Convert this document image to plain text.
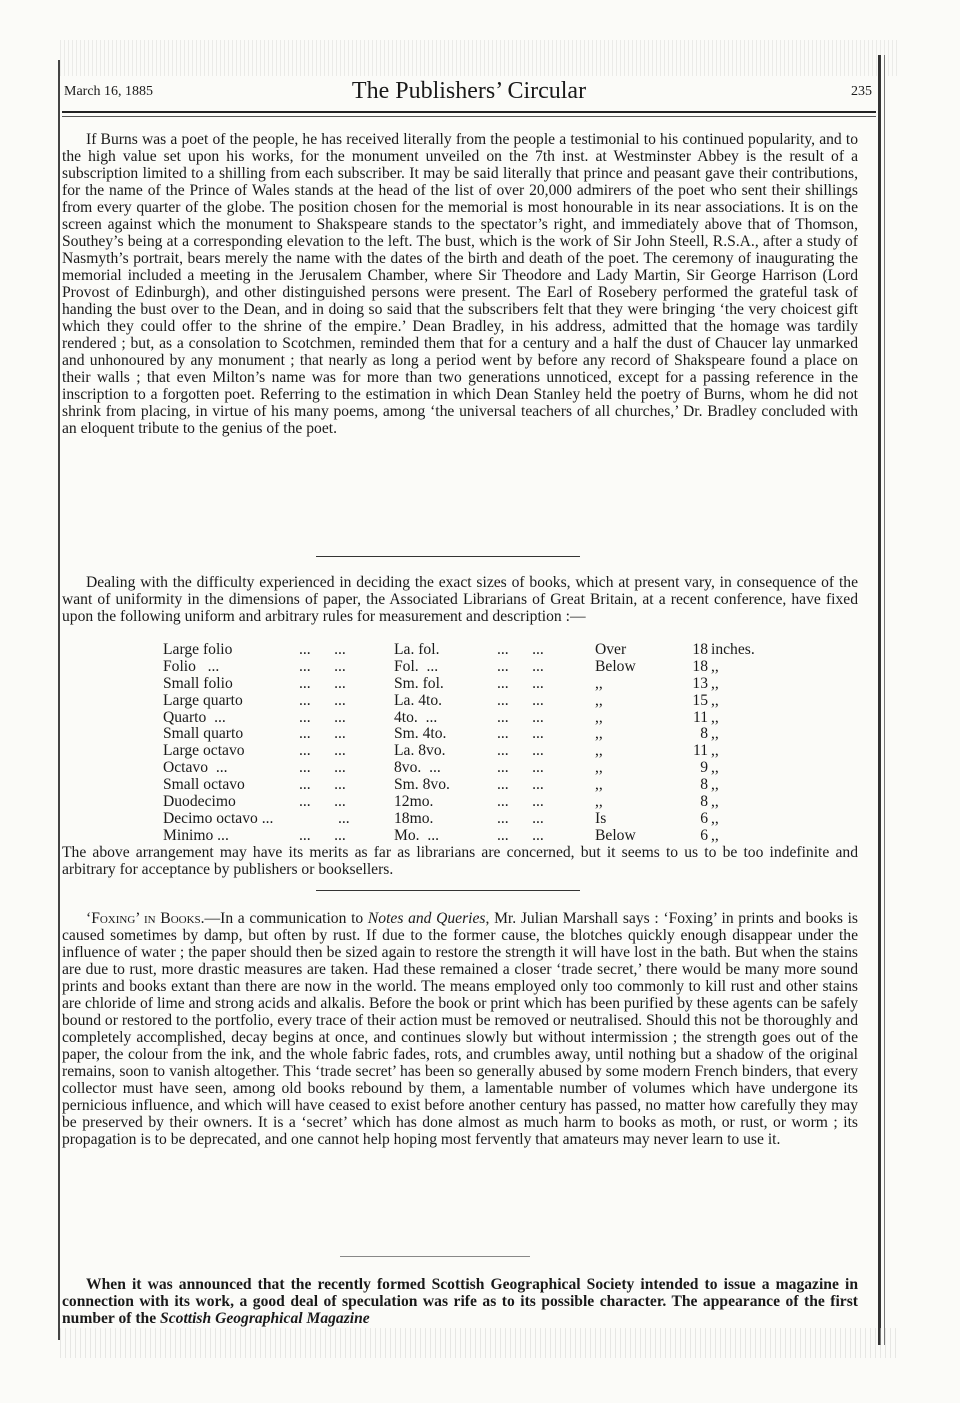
March 16, 1885	The Publishers’ Circular	235

If Burns was a poet of the people, he has received literally from the people a testimonial to his continued popularity, and to the high value set upon his works, for the monument unveiled on the 7th inst. at Westminster Abbey is the result of a subscription limited to a shilling from each subscriber. It may be said literally that prince and peasant gave their contributions, for the name of the Prince of Wales stands at the head of the list of over 20,000 admirers of the poet who sent their shillings from every quarter of the globe. The position chosen for the memorial is most honourable in its near associations. It is on the screen against which the monument to Shakspeare stands to the spectator’s right, and immediately above that of Thomson, Southey’s being at a corresponding elevation to the left. The bust, which is the work of Sir John Steell, R.S.A., after a study of Nasmyth’s portrait, bears merely the name with the dates of the birth and death of the poet. The ceremony of inaugurating the memorial included a meeting in the Jerusalem Chamber, where Sir Theodore and Lady Martin, Sir George Harrison (Lord Provost of Edinburgh), and other distinguished persons were present. The Earl of Rosebery performed the grateful task of handing the bust over to the Dean, and in doing so said that the subscribers felt that they were bringing ‘the very choicest gift which they could offer to the shrine of the empire.’ Dean Bradley, in his address, admitted that the homage was tardily rendered ; but, as a consolation to Scotchmen, reminded them that for a century and a half the dust of Chaucer lay unmarked and unhonoured by any monument ; that nearly as long a period went by before any record of Shakspeare found a place on their walls ; that even Milton’s name was for more than two generations unnoticed, except for a passing reference in the inscription to a forgotten poet. Referring to the estimation in which Dean Stanley held the poetry of Burns, whom he did not shrink from placing, in virtue of his many poems, among ‘the universal teachers of all churches,’ Dr. Bradley concluded with an eloquent tribute to the genius of the poet.

Dealing with the difficulty experienced in deciding the exact sizes of books, which at present vary, in consequence of the want of uniformity in the dimensions of paper, the Associated Librarians of Great Britain, at a recent conference, have fixed upon the following uniform and arbitrary rules for measurement and description :—

Large folio	...      ...	La. fol.	...      ...	Over	18 inches.
Folio   ...	...      ...	Fol.  ...	...      ...	Below	18 ,,
Small folio	...      ...	Sm. fol.	...      ...	,,	13 ,,
Large quarto	...      ...	La. 4to.	...      ...	,,	15 ,,
Quarto  ...	...      ...	4to.  ...	...      ...	,,	11 ,,
Small quarto	...      ...	Sm. 4to.	...      ...	,,	8 ,,
Large octavo	...      ...	La. 8vo.	...      ...	,,	11 ,,
Octavo  ...	...      ...	8vo.  ...	...      ...	,,	9 ,,
Small octavo	...      ...	Sm. 8vo.	...      ...	,,	8 ,,
Duodecimo	...      ...	12mo.	...      ...	,,	8 ,,
Decimo octavo ... ...	18mo.	...      ...	Is	6 ,,
Minimo ...	...      ...	Mo.  ...	...      ...	Below	6 ,,

The above arrangement may have its merits as far as librarians are concerned, but it seems to us to be too indefinite and arbitrary for acceptance by publishers or booksellers.

‘Foxing’ in Books.—In a communication to Notes and Queries, Mr. Julian Marshall says : ‘Foxing’ in prints and books is caused sometimes by damp, but often by rust. If due to the former cause, the blotches quickly enough disappear under the influence of water ; the paper should then be sized again to restore the strength it will have lost in the bath. But when the stains are due to rust, more drastic measures are taken. Had these remained a closer ‘trade secret,’ there would be many more sound prints and books extant than there are now in the world. The means employed only too commonly to kill rust and other stains are chloride of lime and strong acids and alkalis. Before the book or print which has been purified by these agents can be safely bound or restored to the portfolio, every trace of their action must be removed or neutralised. Should this not be thoroughly and completely accomplished, decay begins at once, and continues slowly but without intermission ; the strength goes out of the paper, the colour from the ink, and the whole fabric fades, rots, and crumbles away, until nothing but a shadow of the original remains, soon to vanish altogether. This ‘trade secret’ has been so generally abused by some modern French binders, that every collector must have seen, among old books rebound by them, a lamentable number of volumes which have undergone its pernicious influence, and which will have ceased to exist before another century has passed, no matter how carefully they may be preserved by their owners. It is a ‘secret’ which has done almost as much harm to books as moth, or rust, or worm ; its propagation is to be deprecated, and one cannot help hoping most fervently that amateurs may never learn to use it.

When it was announced that the recently formed Scottish Geographical Society intended to issue a magazine in connection with its work, a good deal of speculation was rife as to its possible character. The appearance of the first number of the Scottish Geographical Magazine
